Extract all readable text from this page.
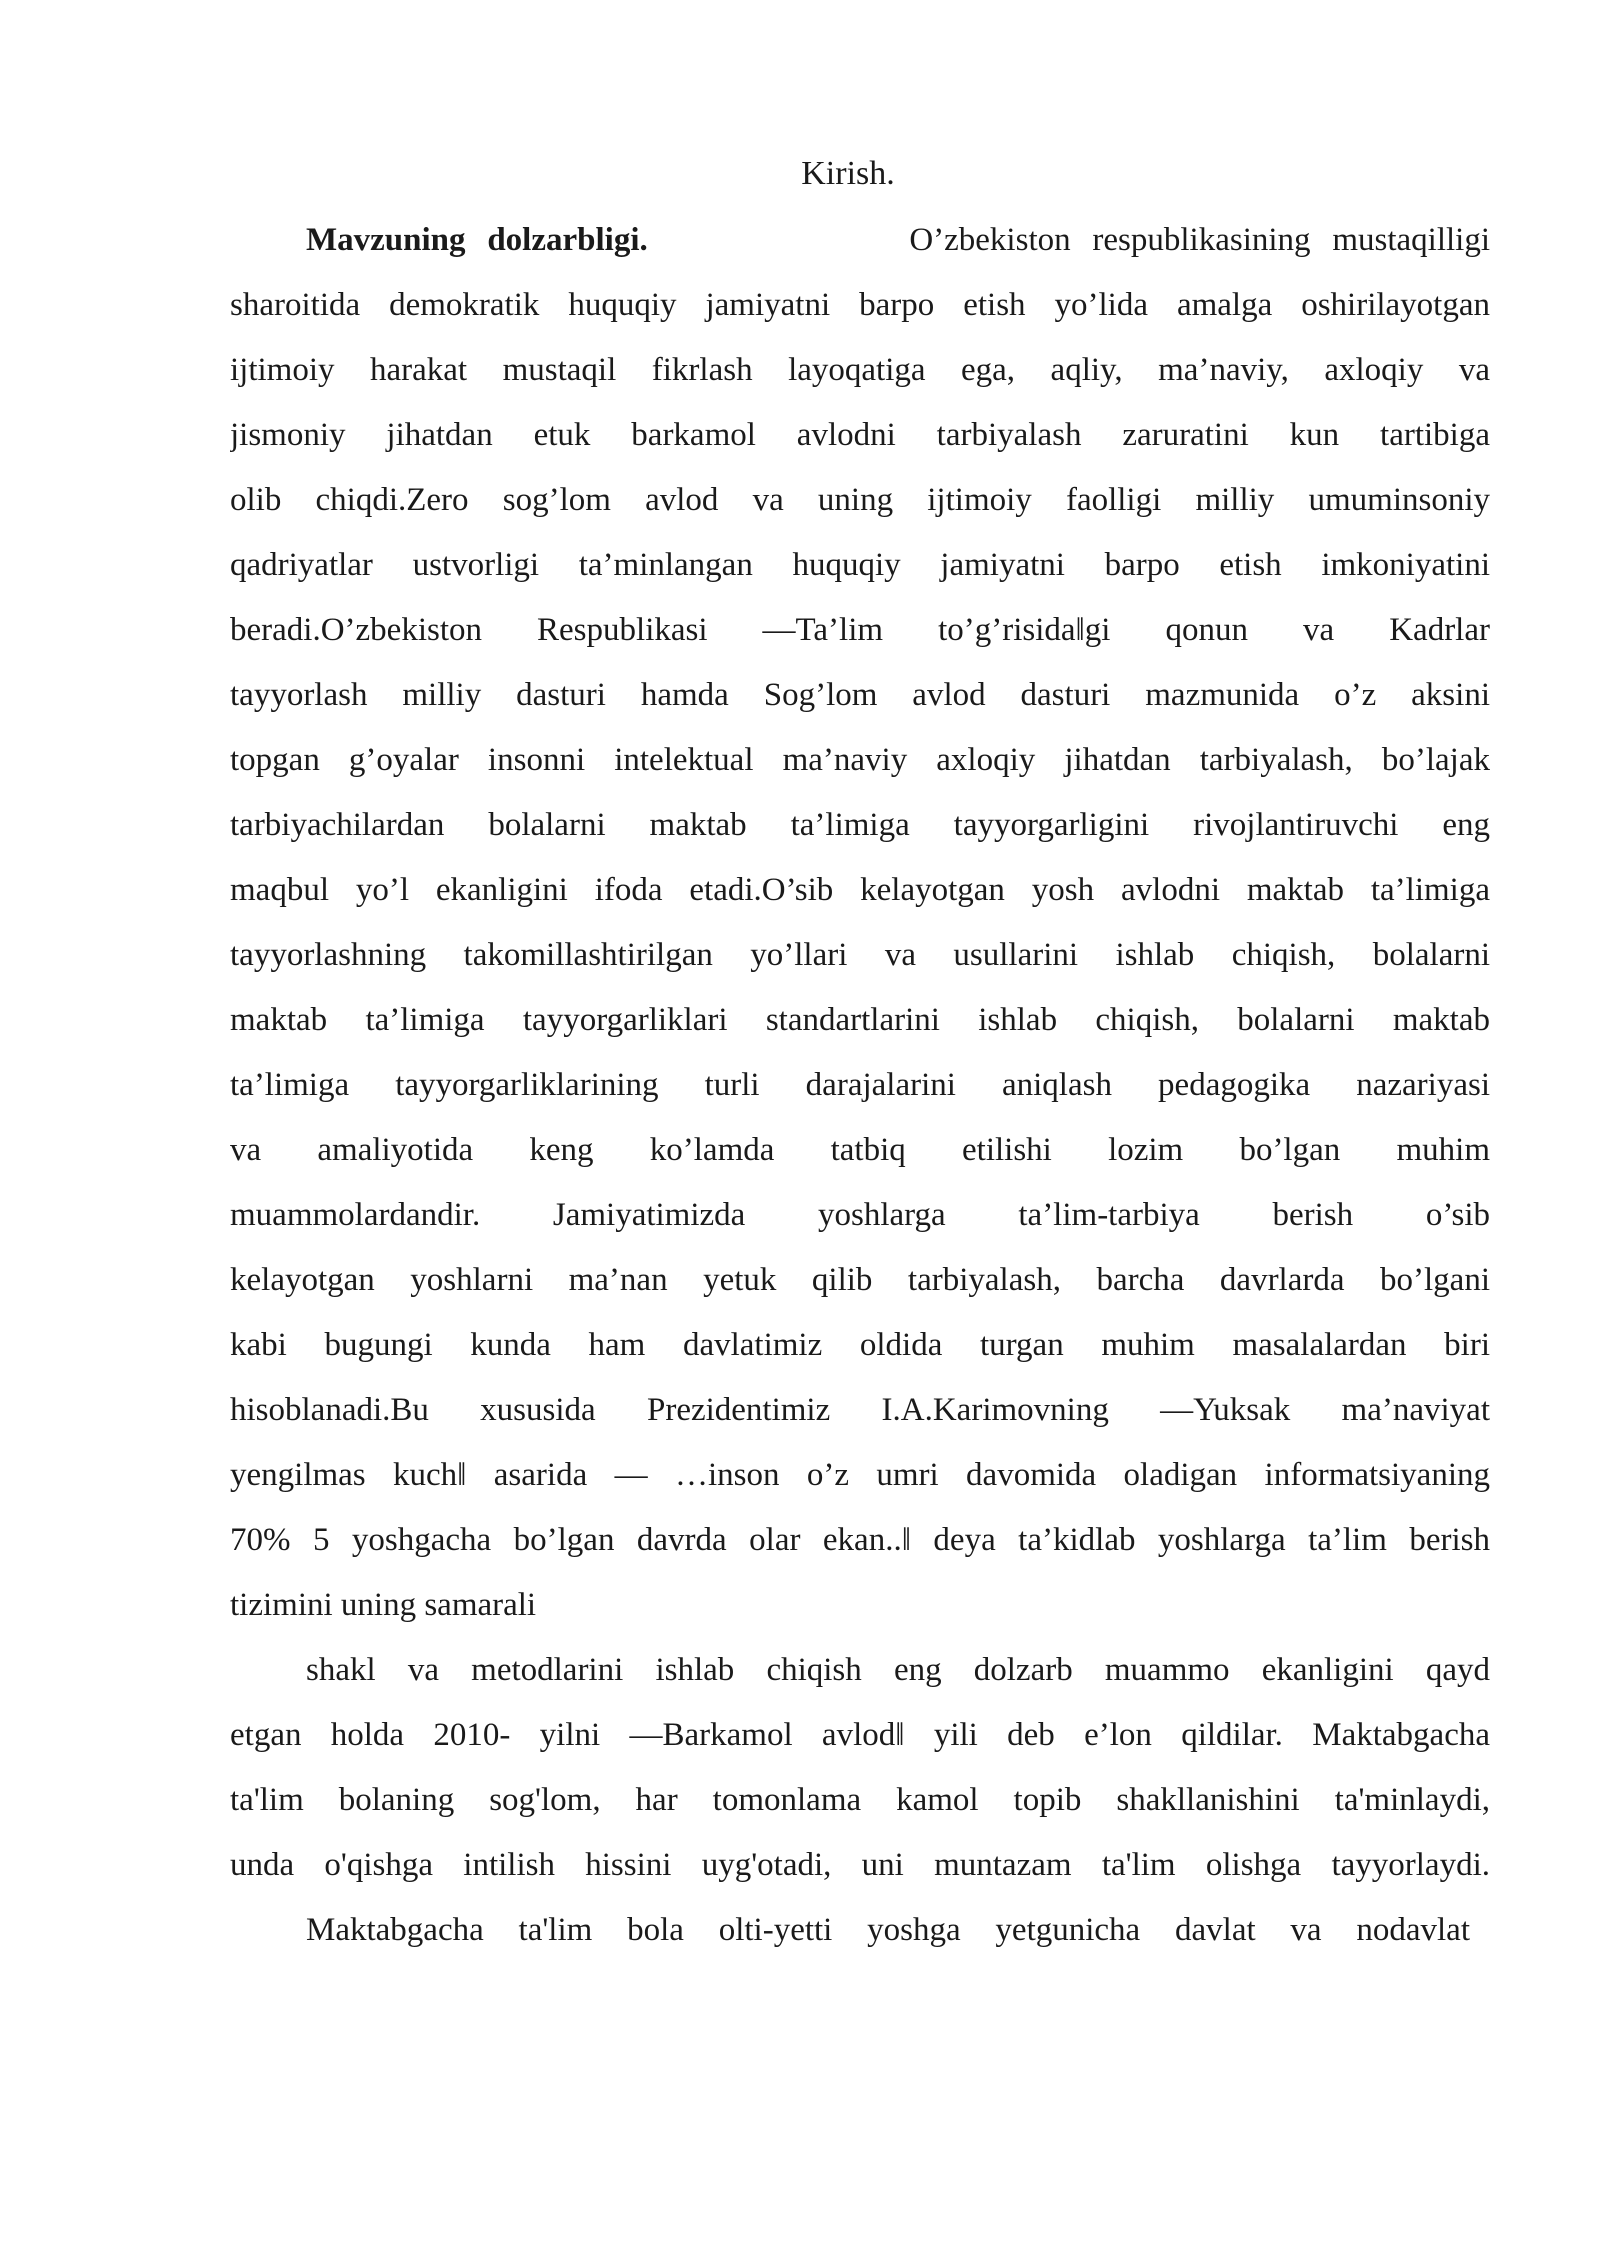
Kirish.
Mavzuning dolzarbligi.	O’zbekiston respublikasining mustaqilligi
sharoitida demokratik huquqiy jamiyatni barpo etish yo’lida amalga oshirilayotgan
ijtimoiy harakat mustaqil fikrlash layoqatiga ega, aqliy, ma’naviy, axloqiy va
jismoniy jihatdan etuk barkamol avlodni tarbiyalash zaruratini kun tartibiga
olib chiqdi.Zero sog’lom avlod va uning ijtimoiy faolligi milliy umuminsoniy
qadriyatlar ustvorligi ta’minlangan huquqiy jamiyatni barpo etish imkoniyatini
beradi.O’zbekiston Respublikasi ―Ta’lim to’g’risida‖gi qonun va Kadrlar
tayyorlash milliy dasturi hamda Sog’lom avlod dasturi mazmunida o’z aksini
topgan g’oyalar insonni intelektual ma’naviy axloqiy jihatdan tarbiyalash, bo’lajak
tarbiyachilardan bolalarni maktab ta’limiga tayyorgarligini rivojlantiruvchi eng
maqbul yo’l ekanligini ifoda etadi.O’sib kelayotgan yosh avlodni maktab ta’limiga
tayyorlashning takomillashtirilgan yo’llari va usullarini ishlab chiqish, bolalarni
maktab ta’limiga tayyorgarliklari standartlarini ishlab chiqish, bolalarni maktab
ta’limiga tayyorgarliklarining turli darajalarini aniqlash pedagogika nazariyasi
va amaliyotida keng ko’lamda tatbiq etilishi lozim bo’lgan muhim
muammolardandir. Jamiyatimizda yoshlarga ta’lim-tarbiya berish o’sib
kelayotgan yoshlarni ma’nan yetuk qilib tarbiyalash, barcha davrlarda bo’lgani
kabi bugungi kunda ham davlatimiz oldida turgan muhim masalalardan biri
hisoblanadi.Bu xususida Prezidentimiz I.A.Karimovning ―Yuksak ma’naviyat
yengilmas kuch‖ asarida ― …inson o’z umri davomida oladigan informatsiyaning
70% 5 yoshgacha bo’lgan davrda olar ekan..‖ deya ta’kidlab yoshlarga ta’lim berish
tizimini uning samarali
shakl va metodlarini ishlab chiqish eng dolzarb muammo ekanligini qayd
etgan holda 2010- yilni ―Barkamol avlod‖ yili deb e’lon qildilar. Maktabgacha
ta'lim bolaning sog'lom, har tomonlama kamol topib shakllanishini ta'minlaydi,
unda o'qishga intilish hissini uyg'otadi, uni muntazam ta'lim olishga tayyorlaydi.
Maktabgacha ta'lim bola olti-yetti yoshga yetgunicha davlat va nodavlat
